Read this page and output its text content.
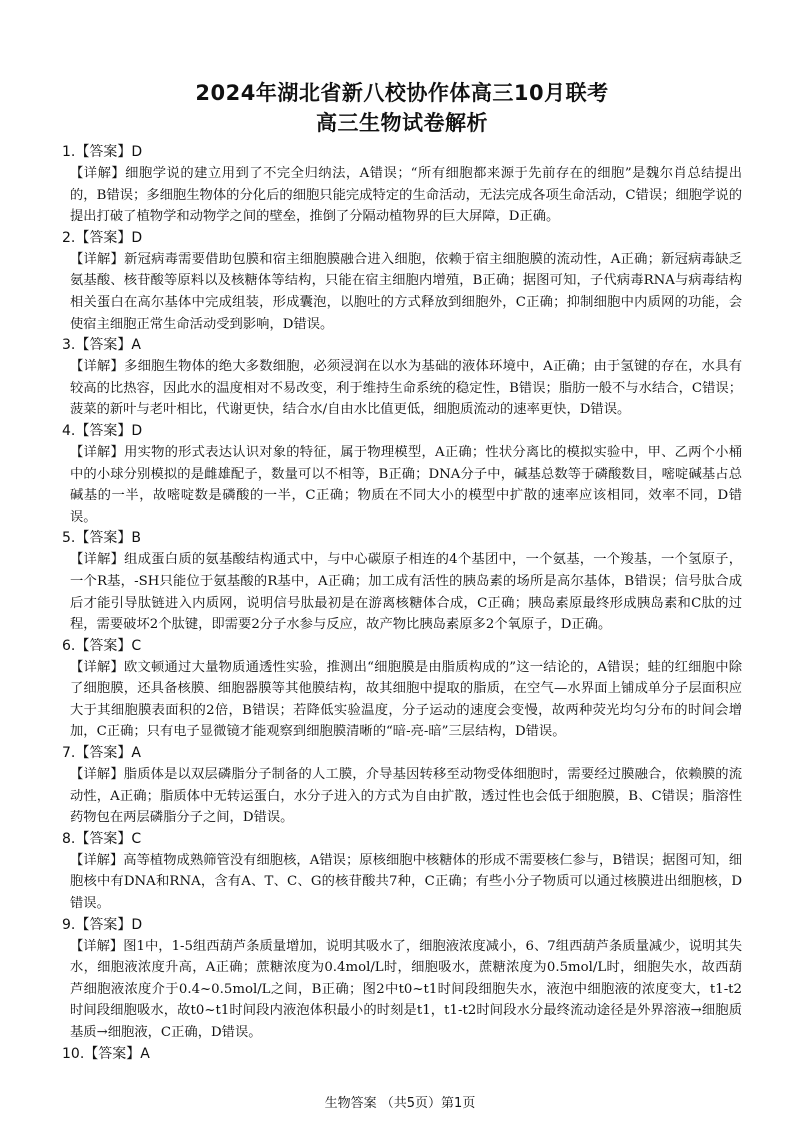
2024年湖北省新八校协作体高三10月联考
高三生物试卷解析
1.【答案】D
【详解】细胞学说的建立用到了不完全归纳法，A错误；“所有细胞都来源于先前存在的细胞”是魏尔肖总结提出的，B错误；多细胞生物体的分化后的细胞只能完成特定的生命活动，无法完成各项生命活动，C错误；细胞学说的提出打破了植物学和动物学之间的壁垒，推倒了分隔动植物界的巨大屏障，D正确。
2.【答案】D
【详解】新冠病毒需要借助包膜和宿主细胞膜融合进入细胞，依赖于宿主细胞膜的流动性，A正确；新冠病毒缺乏氨基酸、核苷酸等原料以及核糖体等结构，只能在宿主细胞内增殖，B正确；据图可知，子代病毒RNA与病毒结构相关蛋白在高尔基体中完成组装，形成囊泡，以胞吐的方式释放到细胞外，C正确；抑制细胞中内质网的功能，会使宿主细胞正常生命活动受到影响，D错误。
3.【答案】A
【详解】多细胞生物体的绝大多数细胞，必须浸润在以水为基础的液体环境中，A正确；由于氢键的存在，水具有较高的比热容，因此水的温度相对不易改变，利于维持生命系统的稳定性，B错误；脂肪一般不与水结合，C错误；菠菜的新叶与老叶相比，代谢更快，结合水/自由水比值更低，细胞质流动的速率更快，D错误。
4.【答案】D
【详解】用实物的形式表达认识对象的特征，属于物理模型，A正确；性状分离比的模拟实验中，甲、乙两个小桶中的小球分别模拟的是雌雄配子，数量可以不相等，B正确；DNA分子中，碱基总数等于磷酸数目，嘧啶碱基占总碱基的一半，故嘧啶数是磷酸的一半，C正确；物质在不同大小的模型中扩散的速率应该相同，效率不同，D错误。
5.【答案】B
【详解】组成蛋白质的氨基酸结构通式中，与中心碳原子相连的4个基团中，一个氨基，一个羧基，一个氢原子，一个R基，-SH只能位于氨基酸的R基中，A正确；加工成有活性的胰岛素的场所是高尔基体，B错误；信号肽合成后才能引导肽链进入内质网，说明信号肽最初是在游离核糖体合成，C正确；胰岛素原最终形成胰岛素和C肽的过程，需要破坏2个肽键，即需要2分子水参与反应，故产物比胰岛素原多2个氧原子，D正确。
6.【答案】C
【详解】欧文顿通过大量物质通透性实验，推测出“细胞膜是由脂质构成的”这一结论的，A错误；蛙的红细胞中除了细胞膜，还具备核膜、细胞器膜等其他膜结构，故其细胞中提取的脂质，在空气—水界面上铺成单分子层面积应大于其细胞膜表面积的2倍，B错误；若降低实验温度，分子运动的速度会变慢，故两种荧光均匀分布的时间会增加，C正确；只有电子显微镜才能观察到细胞膜清晰的“暗-亮-暗”三层结构，D错误。
7.【答案】A
【详解】脂质体是以双层磷脂分子制备的人工膜，介导基因转移至动物受体细胞时，需要经过膜融合，依赖膜的流动性，A正确；脂质体中无转运蛋白，水分子进入的方式为自由扩散，透过性也会低于细胞膜，B、C错误；脂溶性药物包在两层磷脂分子之间，D错误。
8.【答案】C
【详解】高等植物成熟筛管没有细胞核，A错误；原核细胞中核糖体的形成不需要核仁参与，B错误；据图可知，细胞核中有DNA和RNA，含有A、T、C、G的核苷酸共7种，C正确；有些小分子物质可以通过核膜进出细胞核，D错误。
9.【答案】D
【详解】图1中，1-5组西葫芦条质量增加，说明其吸水了，细胞液浓度减小，6、7组西葫芦条质量减少，说明其失水，细胞液浓度升高，A正确；蔗糖浓度为0.4mol/L时，细胞吸水，蔗糖浓度为0.5mol/L时，细胞失水，故西葫芦细胞液浓度介于0.4~0.5mol/L之间，B正确；图2中t0~t1时间段细胞失水，液泡中细胞液的浓度变大，t1-t2时间段细胞吸水，故t0~t1时间段内液泡体积最小的时刻是t1，t1-t2时间段水分最终流动途径是外界溶液→细胞质基质→细胞液，C正确，D错误。
10.【答案】A
生物答案 （共5页）第1页
